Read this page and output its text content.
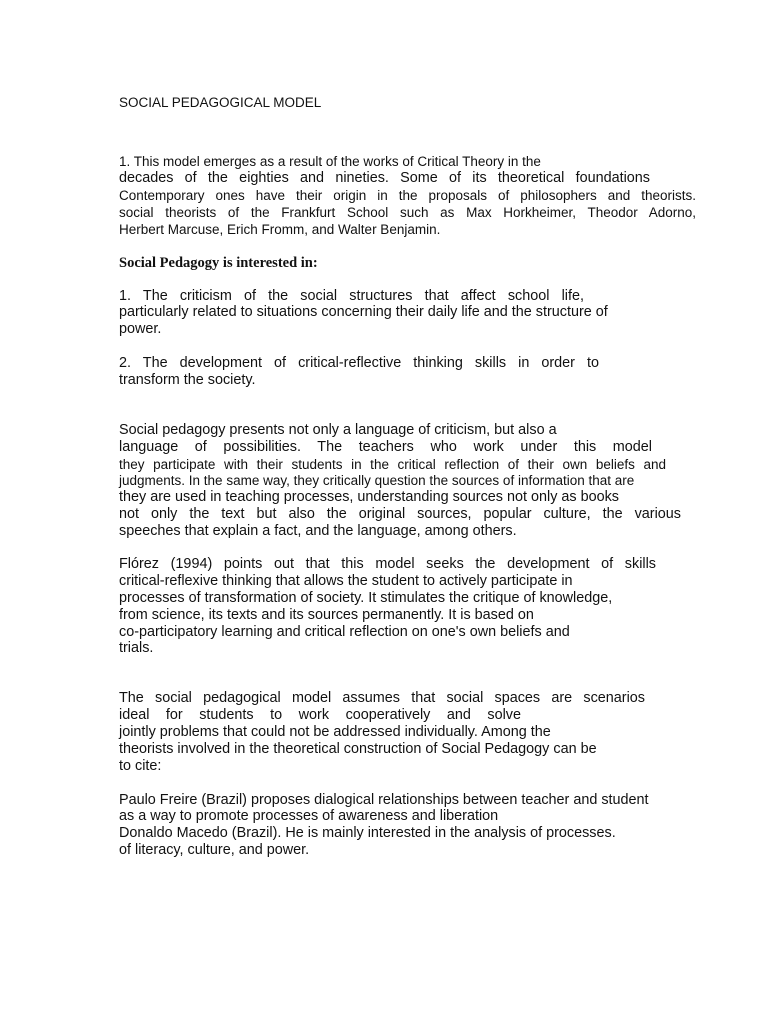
SOCIAL PEDAGOGICAL MODEL

1. This model emerges as a result of the works of Critical Theory in the

decades of the eighties and nineties. Some of its theoretical foundations

Contemporary ones have their origin in the proposals of philosophers and theorists.

social theorists of the Frankfurt School such as Max Horkheimer, Theodor Adorno,

Herbert Marcuse, Erich Fromm, and Walter Benjamin.

Social Pedagogy is interested in:

1. The criticism of the social structures that affect school life,

particularly related to situations concerning their daily life and the structure of

power.

2. The development of critical-reflective thinking skills in order to

transform the society.

Social pedagogy presents not only a language of criticism, but also a

language of possibilities. The teachers who work under this model

they participate with their students in the critical reflection of their own beliefs and

judgments. In the same way, they critically question the sources of information that are

they are used in teaching processes, understanding sources not only as books

not only the text but also the original sources, popular culture, the various

speeches that explain a fact, and the language, among others.

Flórez (1994) points out that this model seeks the development of skills

critical-reflexive thinking that allows the student to actively participate in

processes of transformation of society. It stimulates the critique of knowledge,

from science, its texts and its sources permanently. It is based on

co-participatory learning and critical reflection on one's own beliefs and

trials.

The social pedagogical model assumes that social spaces are scenarios

ideal for students to work cooperatively and solve

jointly problems that could not be addressed individually. Among the

theorists involved in the theoretical construction of Social Pedagogy can be

to cite:

Paulo Freire (Brazil) proposes dialogical relationships between teacher and student

as a way to promote processes of awareness and liberation

Donaldo Macedo (Brazil). He is mainly interested in the analysis of processes.

of literacy, culture, and power.
